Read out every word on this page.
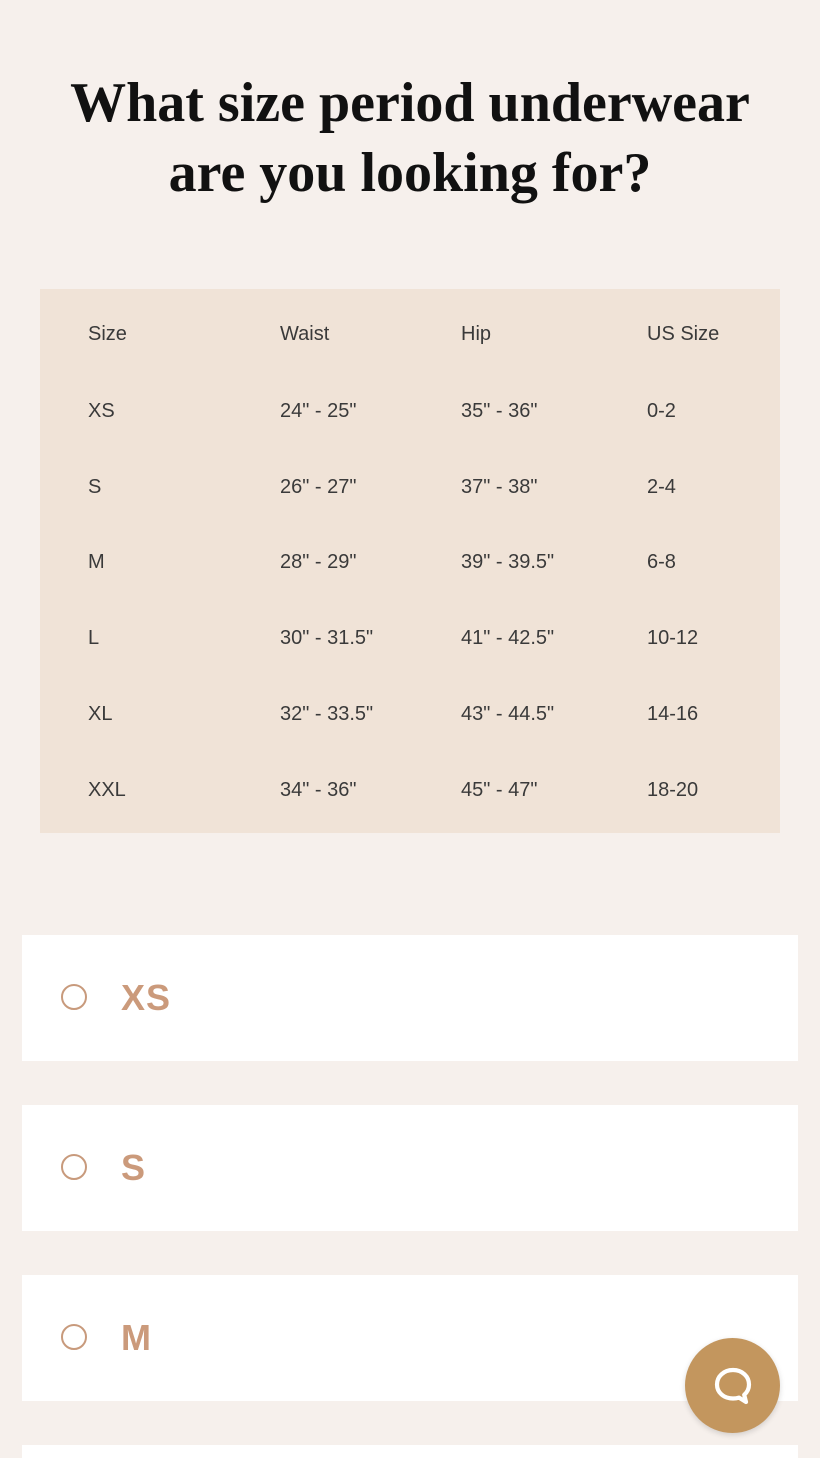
What size period underwear
are you looking for?
Size	Waist	Hip	US Size
XS	24" - 25"	35" - 36"	0-2
S	26" - 27"	37" - 38"	2-4
M	28" - 29"	39" - 39.5"	6-8
L	30" - 31.5"	41" - 42.5"	10-12
XL	32" - 33.5"	43" - 44.5"	14-16
XXL	34" - 36"	45" - 47"	18-20
XS
S
M
